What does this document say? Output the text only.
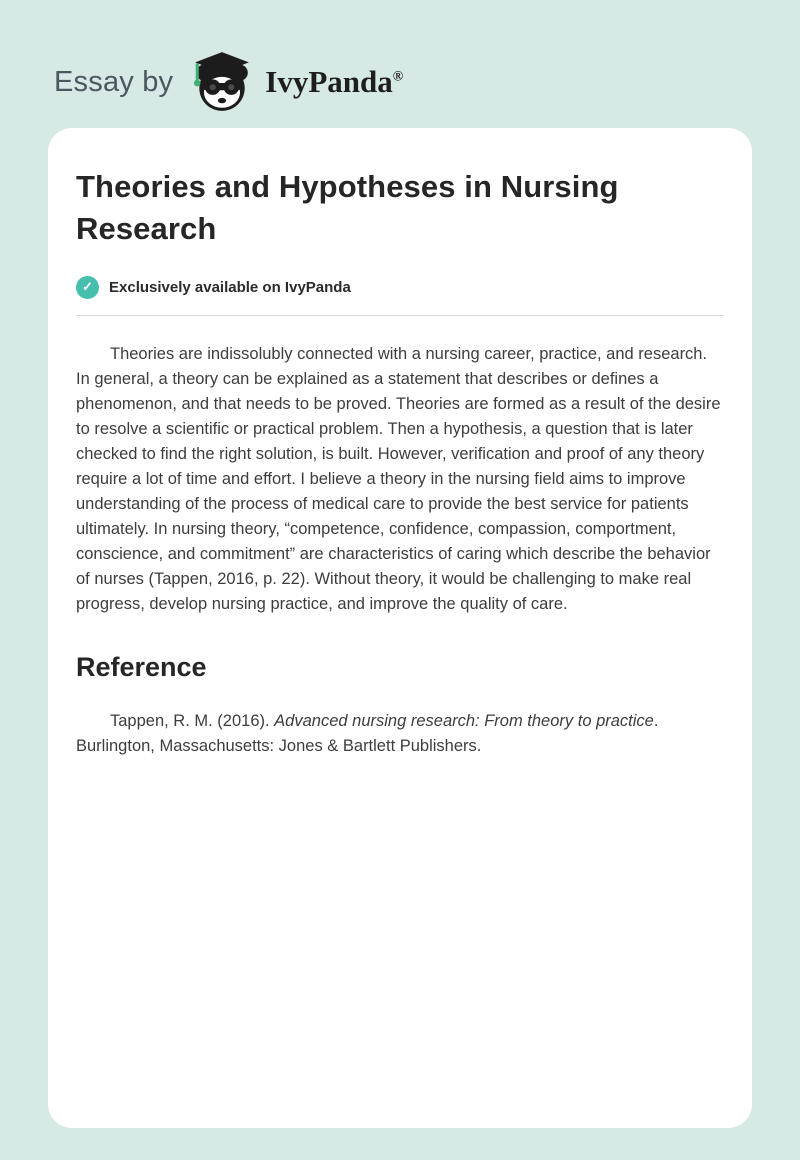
Essay by	IvyPanda®
Theories and Hypotheses in Nursing Research
✓	Exclusively available on IvyPanda

Theories are indissolubly connected with a nursing career, practice, and research. In general, a theory can be explained as a statement that describes or defines a phenomenon, and that needs to be proved. Theories are formed as a result of the desire to resolve a scientific or practical problem. Then a hypothesis, a question that is later checked to find the right solution, is built. However, verification and proof of any theory require a lot of time and effort. I believe a theory in the nursing field aims to improve understanding of the process of medical care to provide the best service for patients ultimately. In nursing theory, “competence, confidence, compassion, comportment, conscience, and commitment” are characteristics of caring which describe the behavior of nurses (Tappen, 2016, p. 22). Without theory, it would be challenging to make real progress, develop nursing practice, and improve the quality of care.

Reference

Tappen, R. M. (2016). Advanced nursing research: From theory to practice. Burlington, Massachusetts: Jones & Bartlett Publishers.
